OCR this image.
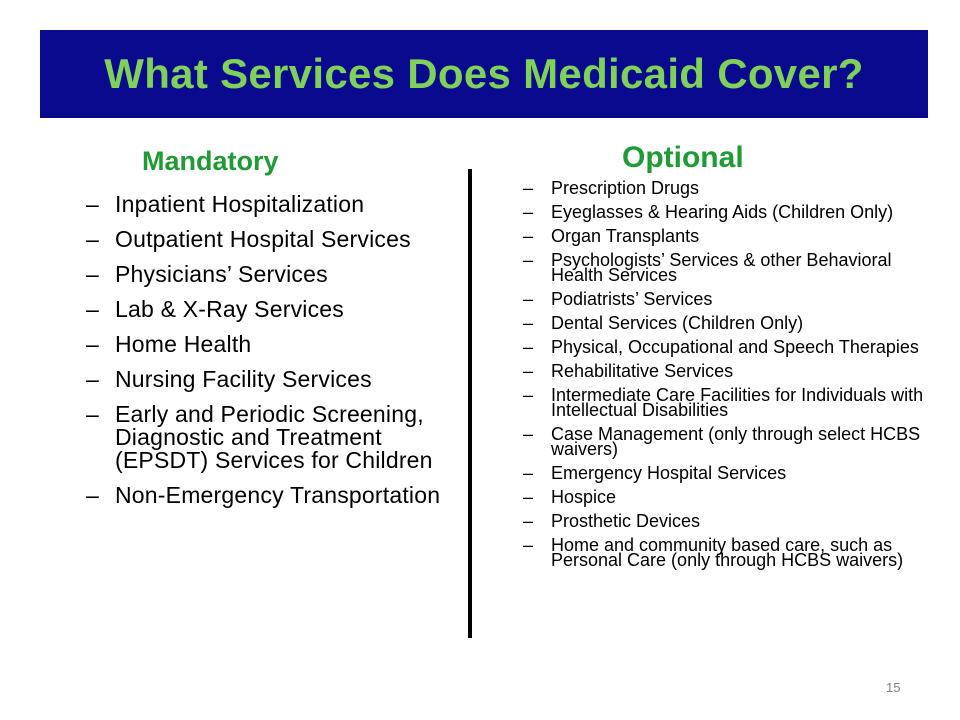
What Services Does Medicaid Cover?
Mandatory	Optional
– Inpatient Hospitalization
– Outpatient Hospital Services
– Physicians’ Services
– Lab & X-Ray Services
– Home Health
– Nursing Facility Services
– Early and Periodic Screening, Diagnostic and Treatment (EPSDT) Services for Children
– Non-Emergency Transportation
– Prescription Drugs
– Eyeglasses & Hearing Aids (Children Only)
– Organ Transplants
– Psychologists’ Services & other Behavioral Health Services
– Podiatrists’ Services
– Dental Services (Children Only)
– Physical, Occupational and Speech Therapies
– Rehabilitative Services
– Intermediate Care Facilities for Individuals with Intellectual Disabilities
– Case Management (only through select HCBS waivers)
– Emergency Hospital Services
– Hospice
– Prosthetic Devices
– Home and community based care, such as Personal Care (only through HCBS waivers)
15
